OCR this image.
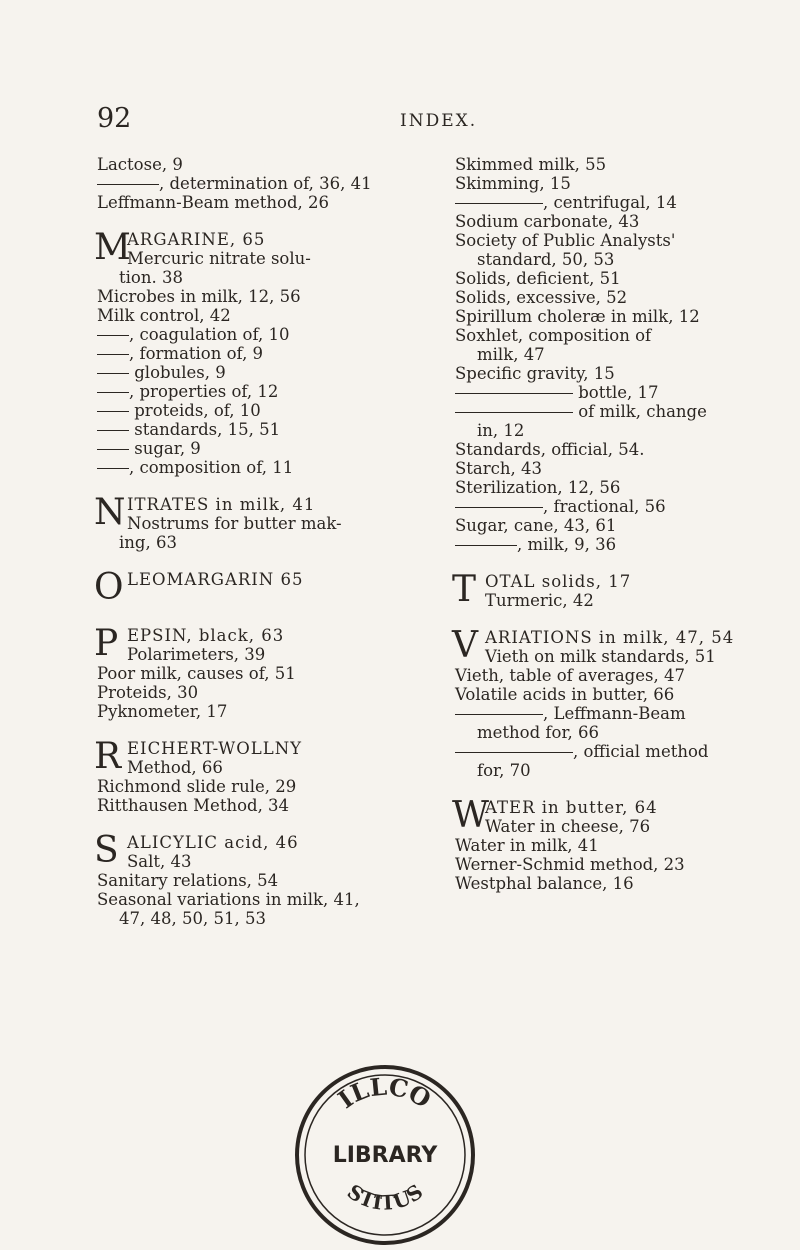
92	INDEX.
Lactose, 9
, determination of, 36, 41
Leffmann-Beam method, 26
M
ARGARINE, 65
Mercuric nitrate solu-
tion. 38
Microbes in milk, 12, 56
Milk control, 42
, coagulation of, 10
, formation of, 9
globules, 9
, properties of, 12
proteids, of, 10
standards, 15, 51
sugar, 9
, composition of, 11
N ITRATES in milk, 41
Nostrums for butter mak-
ing, 63
O LEOMARGARIN 65
P EPSIN, black, 63
Polarimeters, 39
Poor milk, causes of, 51
Proteids, 30
Pyknometer, 17
R EICHERT-WOLLNY
Method, 66
Richmond slide rule, 29
Ritthausen Method, 34
S ALICYLIC acid, 46
Salt, 43
Sanitary relations, 54
Seasonal variations in milk, 41,
47, 48, 50, 51, 53
Skimmed milk, 55
Skimming, 15
, centrifugal, 14
Sodium carbonate, 43
Society of Public Analysts'
standard, 50, 53
Solids, deficient, 51
Solids, excessive, 52
Spirillum choleræ in milk, 12
Soxhlet, composition of
milk, 47
Specific gravity, 15
bottle, 17
of milk, change
in, 12
Standards, official, 54.
Starch, 43
Sterilization, 12, 56
, fractional, 56
Sugar, cane, 43, 61
, milk, 9, 36
T OTAL solids, 17
Turmeric, 42
V ARIATIONS in milk, 47, 54
Vieth on milk standards, 51
Vieth, table of averages, 47
Volatile acids in butter, 66
, Leffmann-Beam
method for, 66
, official method
for, 70
W
ATER in butter, 64
Water in cheese, 76
Water in milk, 41
Werner-Schmid method, 23
Westphal balance, 16
ILLCO
LIBRARY
STITUS
